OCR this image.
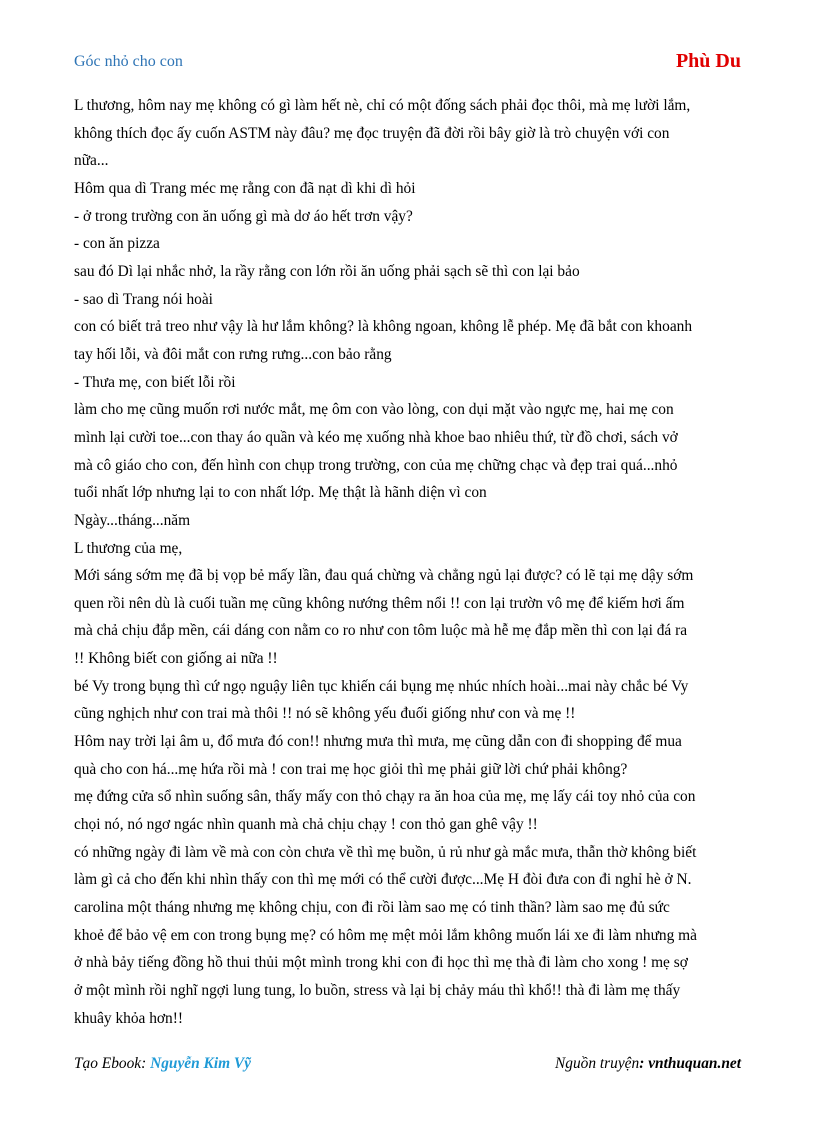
Góc nhỏ cho con	Phù Du

L thương, hôm nay mẹ không có gì làm hết nè, chỉ có một đống sách phải đọc thôi, mà mẹ lười lắm,

không thích đọc ấy cuốn ASTM này đâu? mẹ đọc truyện đã đời rồi bây giờ là trò chuyện với con

nữa...

Hôm qua dì Trang méc mẹ rằng con đã nạt dì khi dì hỏi

- ở trong trường con ăn uống gì mà dơ áo hết trơn vậy?

- con ăn pizza

sau đó Dì lại nhắc nhở, la rầy rằng con lớn rồi ăn uống phải sạch sẽ thì con lại bảo

- sao dì Trang nói hoài

con có biết trả treo như vậy là hư lắm không? là không ngoan, không lễ phép. Mẹ đã bắt con khoanh

tay hối lỗi, và đôi mắt con rưng rưng...con bảo rằng

- Thưa mẹ, con biết lỗi rồi

làm cho mẹ cũng muốn rơi nước mắt, mẹ ôm con vào lòng, con dụi mặt vào ngực mẹ, hai mẹ con

mình lại cười toe...con thay áo quần và kéo mẹ xuống nhà khoe bao nhiêu thứ, từ đồ chơi, sách vở

mà cô giáo cho con, đến hình con chụp trong trường, con của mẹ chững chạc và đẹp trai quá...nhỏ

tuổi nhất lớp nhưng lại to con nhất lớp. Mẹ thật là hãnh diện vì con

Ngày...tháng...năm

L thương của mẹ,

Mới sáng sớm mẹ đã bị vọp bẻ mấy lần, đau quá chừng và chẳng ngủ lại được? có lẽ tại mẹ dậy sớm

quen rồi nên dù là cuối tuần mẹ cũng không nướng thêm nổi !! con lại trườn vô mẹ để kiếm hơi ấm

mà chả chịu đắp mền, cái dáng con nằm co ro như con tôm luộc mà hễ mẹ đắp mền thì con lại đá ra

!! Không biết con giống ai nữa !!

bé Vy trong bụng thì cứ ngọ nguậy liên tục khiến cái bụng mẹ nhúc nhích hoài...mai này chắc bé Vy

cũng nghịch như con trai mà thôi !! nó sẽ không yếu đuối giống như con và mẹ !!

Hôm nay trời lại âm u, đổ mưa đó con!! nhưng mưa thì mưa, mẹ cũng dẫn con đi shopping để mua

quà cho con há...mẹ hứa rồi mà ! con trai mẹ học giỏi thì mẹ phải giữ lời chứ phải không?

mẹ đứng cửa sổ nhìn suống sân, thấy mấy con thỏ chạy ra ăn hoa của mẹ, mẹ lấy cái toy nhỏ của con

chọi nó, nó ngơ ngác nhìn quanh mà chả chịu chạy ! con thỏ gan ghê vậy !!

có những ngày đi làm về mà con còn chưa về thì mẹ buồn, ủ rủ như gà mắc mưa, thẫn thờ không biết

làm gì cả cho đến khi nhìn thấy con thì mẹ mới có thể cười được...Mẹ H đòi đưa con đi nghỉ hè ở N.

carolina một tháng nhưng mẹ không chịu, con đi rồi làm sao mẹ có tinh thần? làm sao mẹ đủ sức

khoẻ để bảo vệ em con trong bụng mẹ? có hôm mẹ mệt mỏi lắm không muốn lái xe đi làm nhưng mà

ở nhà bảy tiếng đồng hồ thui thủi một mình trong khi con đi học thì mẹ thà đi làm cho xong ! mẹ sợ

ở một mình rồi nghĩ ngợi lung tung, lo buồn, stress và lại bị chảy máu thì khổ!! thà đi làm mẹ thấy

khuây khỏa hơn!!

Tạo Ebook: Nguyễn Kim Vỹ	Nguồn truyện: vnthuquan.net
